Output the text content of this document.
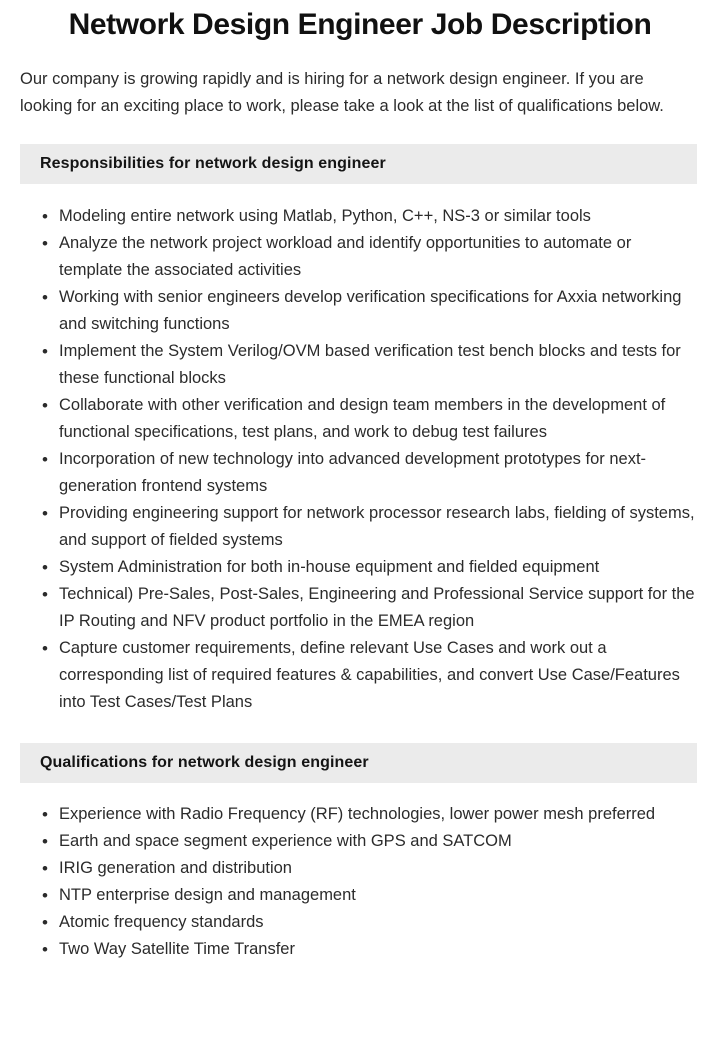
Network Design Engineer Job Description

Our company is growing rapidly and is hiring for a network design engineer. If you are looking for an exciting place to work, please take a look at the list of qualifications below.

Responsibilities for network design engineer
• Modeling entire network using Matlab, Python, C++, NS-3 or similar tools
• Analyze the network project workload and identify opportunities to automate or template the associated activities
• Working with senior engineers develop verification specifications for Axxia networking and switching functions
• Implement the System Verilog/OVM based verification test bench blocks and tests for these functional blocks
• Collaborate with other verification and design team members in the development of functional specifications, test plans, and work to debug test failures
• Incorporation of new technology into advanced development prototypes for next-generation frontend systems
• Providing engineering support for network processor research labs, fielding of systems, and support of fielded systems
• System Administration for both in-house equipment and fielded equipment
• Technical) Pre-Sales, Post-Sales, Engineering and Professional Service support for the IP Routing and NFV product portfolio in the EMEA region
• Capture customer requirements, define relevant Use Cases and work out a corresponding list of required features & capabilities, and convert Use Case/Features into Test Cases/Test Plans
Qualifications for network design engineer
• Experience with Radio Frequency (RF) technologies, lower power mesh preferred
• Earth and space segment experience with GPS and SATCOM
• IRIG generation and distribution
• NTP enterprise design and management
• Atomic frequency standards
• Two Way Satellite Time Transfer
